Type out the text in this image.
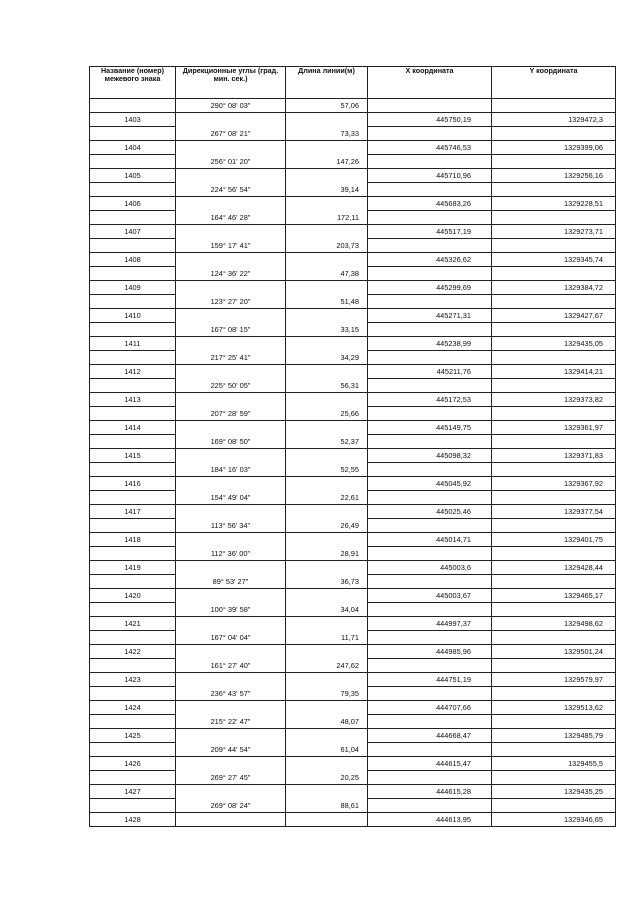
Название (номер) межевого знака	Дирекционные углы (град. мин. сек.)	Длина линии(м)	X координата	Y координата
	290° 08' 03"	57,06		
1403			445750,19	1329472,3
	267° 08' 21"	73,33		
1404			445746,53	1329399,06
	256° 01' 20"	147,26		
1405			445710,96	1329256,16
	224° 56' 54"	39,14		
1406			445683,26	1329228,51
	164° 46' 28"	172,11		
1407			445517,19	1329273,71
	159° 17' 41"	203,73		
1408			445326,62	1329345,74
	124° 36' 22"	47,38		
1409			445299,69	1329384,72
	123° 27' 20"	51,48		
1410			445271,31	1329427,67
	167° 08' 15"	33,15		
1411			445238,99	1329435,05
	217° 25' 41"	34,29		
1412			445211,76	1329414,21
	225° 50' 05"	56,31		
1413			445172,53	1329373,82
	207° 28' 59"	25,66		
1414			445149,75	1329361,97
	169° 08' 50"	52,37		
1415			445098,32	1329371,83
	184° 16' 03"	52,55		
1416			445045,92	1329367,92
	154° 49' 04"	22,61		
1417			445025,46	1329377,54
	113° 56' 34"	26,49		
1418			445014,71	1329401,75
	112° 36' 00"	28,91		
1419			445003,6	1329428,44
	89° 53' 27"	36,73		
1420			445003,67	1329465,17
	100° 39' 58"	34,04		
1421			444997,37	1329498,62
	167° 04' 04"	11,71		
1422			444985,96	1329501,24
	161° 27' 40"	247,62		
1423			444751,19	1329579,97
	236° 43' 57"	79,35		
1424			444707,66	1329513,62
	215° 22' 47"	48,07		
1425			444668,47	1329485,79
	209° 44' 54"	61,04		
1426			444615,47	1329455,5
	269° 27' 45"	20,25		
1427			444615,28	1329435,25
	269° 08' 24"	88,61		
1428			444613,95	1329346,65
